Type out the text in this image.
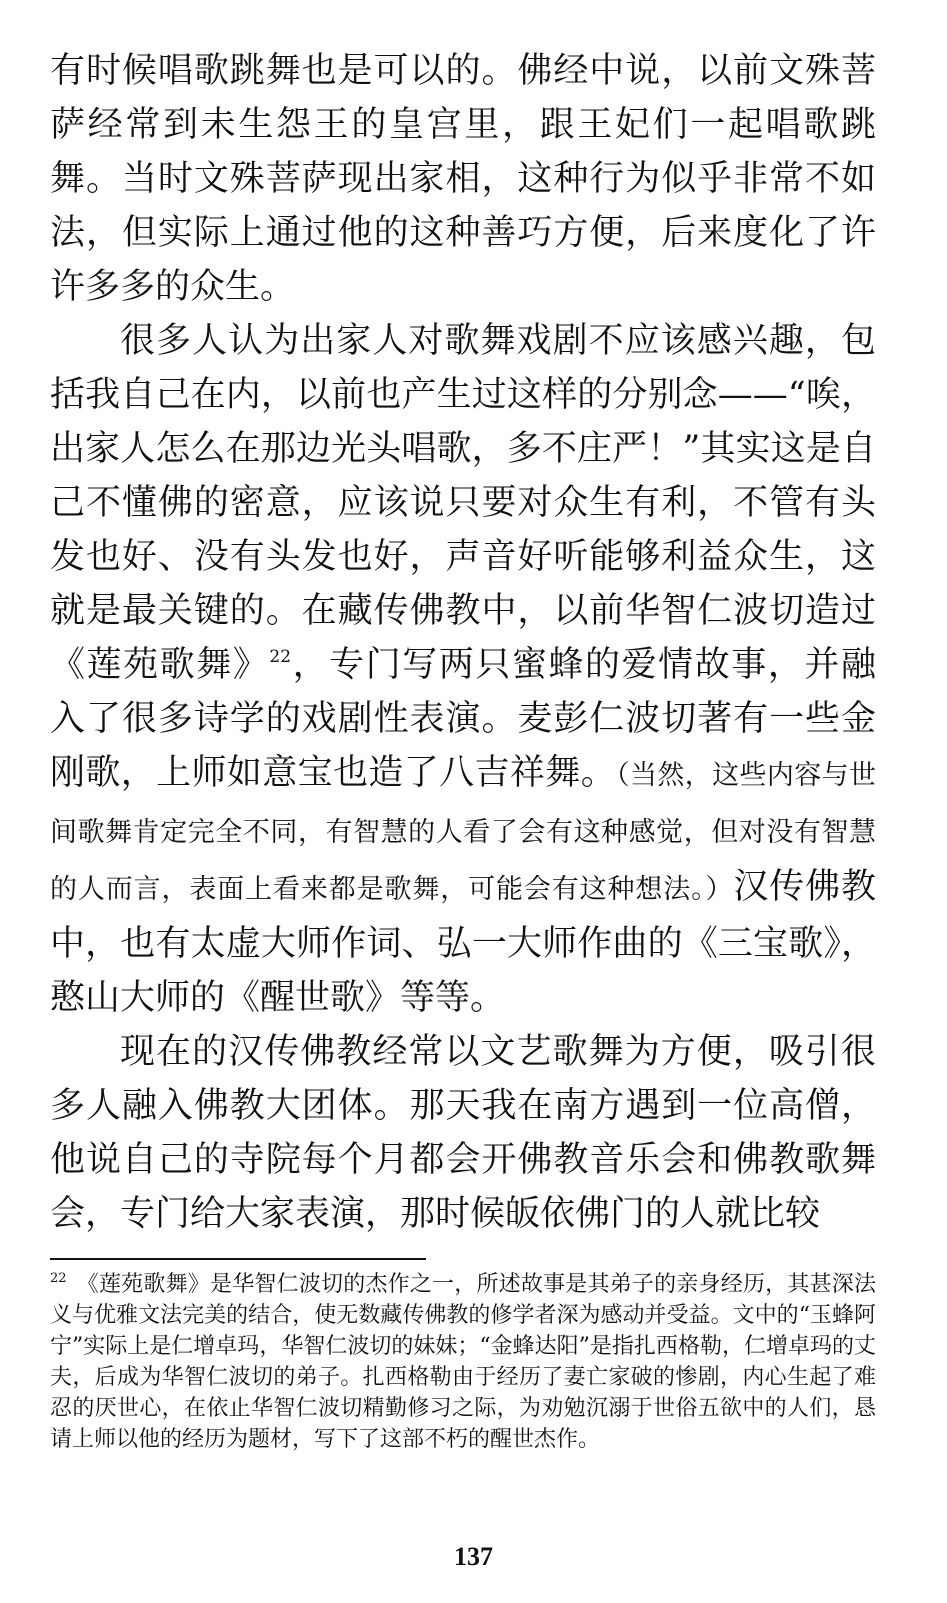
有时候唱歌跳舞也是可以的。佛经中说，以前文殊菩萨经常到未生怨王的皇宫里，跟王妃们一起唱歌跳舞。当时文殊菩萨现出家相，这种行为似乎非常不如法，但实际上通过他的这种善巧方便，后来度化了许许多多的众生。

很多人认为出家人对歌舞戏剧不应该感兴趣，包括我自己在内，以前也产生过这样的分别念——“唉，出家人怎么在那边光头唱歌，多不庄严！”其实这是自己不懂佛的密意，应该说只要对众生有利，不管有头发也好、没有头发也好，声音好听能够利益众生，这就是最关键的。在藏传佛教中，以前华智仁波切造过《莲苑歌舞》$^{22}$，专门写两只蜜蜂的爱情故事，并融入了很多诗学的戏剧性表演。麦彭仁波切著有一些金刚歌，上师如意宝也造了八吉祥舞。（当然，这些内容与世间歌舞肯定完全不同，有智慧的人看了会有这种感觉，但对没有智慧的人而言，表面上看来都是歌舞，可能会有这种想法。）汉传佛教中，也有太虚大师作词、弘一大师作曲的《三宝歌》，憨山大师的《醒世歌》等等。

现在的汉传佛教经常以文艺歌舞为方便，吸引很多人融入佛教大团体。那天我在南方遇到一位高僧，他说自己的寺院每个月都会开佛教音乐会和佛教歌舞会，专门给大家表演，那时候皈依佛门的人就比较

$^{22}$ 《莲苑歌舞》是华智仁波切的杰作之一，所述故事是其弟子的亲身经历，其甚深法义与优雅文法完美的结合，使无数藏传佛教的修学者深为感动并受益。文中的“玉蜂阿宁”实际上是仁增卓玛，华智仁波切的妹妹；“金蜂达阳”是指扎西格勒，仁增卓玛的丈夫，后成为华智仁波切的弟子。扎西格勒由于经历了妻亡家破的惨剧，内心生起了难忍的厌世心，在依止华智仁波切精勤修习之际，为劝勉沉溺于世俗五欲中的人们，恳请上师以他的经历为题材，写下了这部不朽的醒世杰作。

137
